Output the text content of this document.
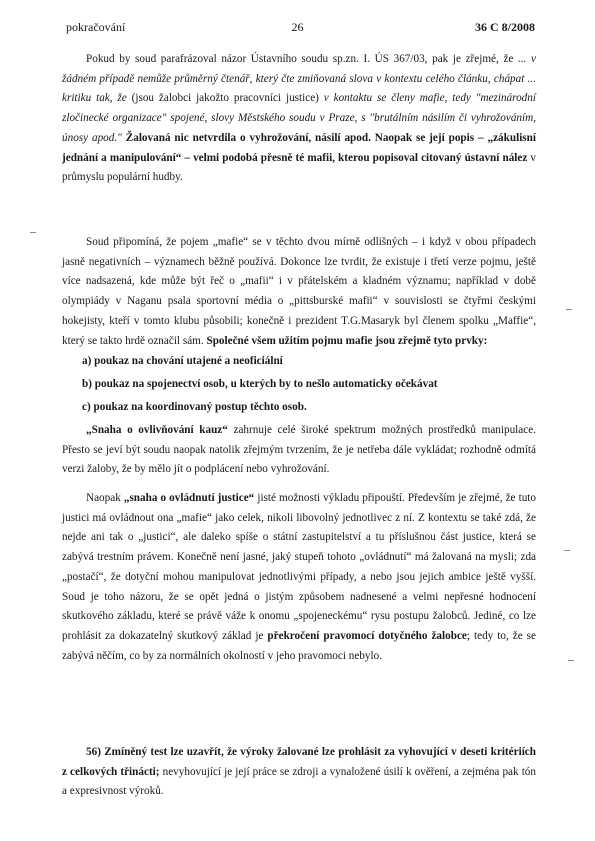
pokračování	26	36 C 8/2008
Pokud by soud parafrázoval názor Ústavního soudu sp.zn. I. ÚS 367/03, pak je zřejmé, že ... v žádném případě nemůže průměrný čtenář, který čte zmiňovaná slova v kontextu celého článku, chápat ... kritiku tak, že (jsou žalobci jakožto pracovníci justice) v kontaktu se členy mafie, tedy "mezinárodní zločinecké organizace" spojené, slovy Městského soudu v Praze, s "brutálním násilím či vyhrožováním, únosy apod." Žalovaná nic netvrdila o vyhrožování, násilí apod. Naopak se její popis – „zákulisní jednání a manipulování“ – velmi podobá přesně té mafii, kterou popisoval citovaný ústavní nález v průmyslu populární hudby.
Soud připomíná, že pojem „mafie“ se v těchto dvou mírně odlišných – i když v obou případech jasně negativních – významech běžně používá. Dokonce lze tvrdit, že existuje i třetí verze pojmu, ještě více nadsazená, kde může být řeč o „mafii“ i v přátelském a kladném významu; například v době olympiády v Naganu psala sportovní média o „pittsburské mafii“ v souvislosti se čtyřmi českými hokejisty, kteří v tomto klubu působili; konečně i prezident T.G.Masaryk byl členem spolku „Maffie“, který se takto hrdě označil sám. Společné všem užitím pojmu mafie jsou zřejmě tyto prvky:
a) poukaz na chování utajené a neoficiální
b) poukaz na spojenectví osob, u kterých by to nešlo automaticky očekávat
c) poukaz na koordinovaný postup těchto osob.
„Snaha o ovlivňování kauz“ zahrnuje celé široké spektrum možných prostředků manipulace. Přesto se jeví být soudu naopak natolik zřejmým tvrzením, že je netřeba dále vykládat; rozhodně odmítá verzi žaloby, že by mělo jít o podplácení nebo vyhrožování.
Naopak „snaha o ovládnutí justice“ jisté možnosti výkladu připouští. Především je zřejmé, že tuto justici má ovládnout ona „mafie“ jako celek, nikoli libovolný jednotlivec z ní. Z kontextu se také zdá, že nejde ani tak o „justici“, ale daleko spíše o státní zastupitelství a tu příslušnou část justice, která se zabývá trestním právem. Konečně není jasné, jaký stupeň tohoto „ovládnutí“ má žalovaná na mysli; zda „postačí“, že dotyční mohou manipulovat jednotlivými případy, a nebo jsou jejich ambice ještě vyšší. Soud je toho názoru, že se opět jedná o jistým způsobem nadnesené a velmi nepřesné hodnocení skutkového základu, které se právě váže k onomu „spojeneckému“ rysu postupu žalobců. Jediné, co lze prohlásit za dokazatelný skutkový základ je překročení pravomocí dotyčného žalobce; tedy to, že se zabývá něčím, co by za normálních okolností v jeho pravomoci nebylo.
56) Zmíněný test lze uzavřít, že výroky žalované lze prohlásit za vyhovující v deseti kritériích z celkových třinácti; nevyhovující je její práce se zdroji a vynaložené úsilí k ověření, a zejména pak tón a expresivnost výroků.
